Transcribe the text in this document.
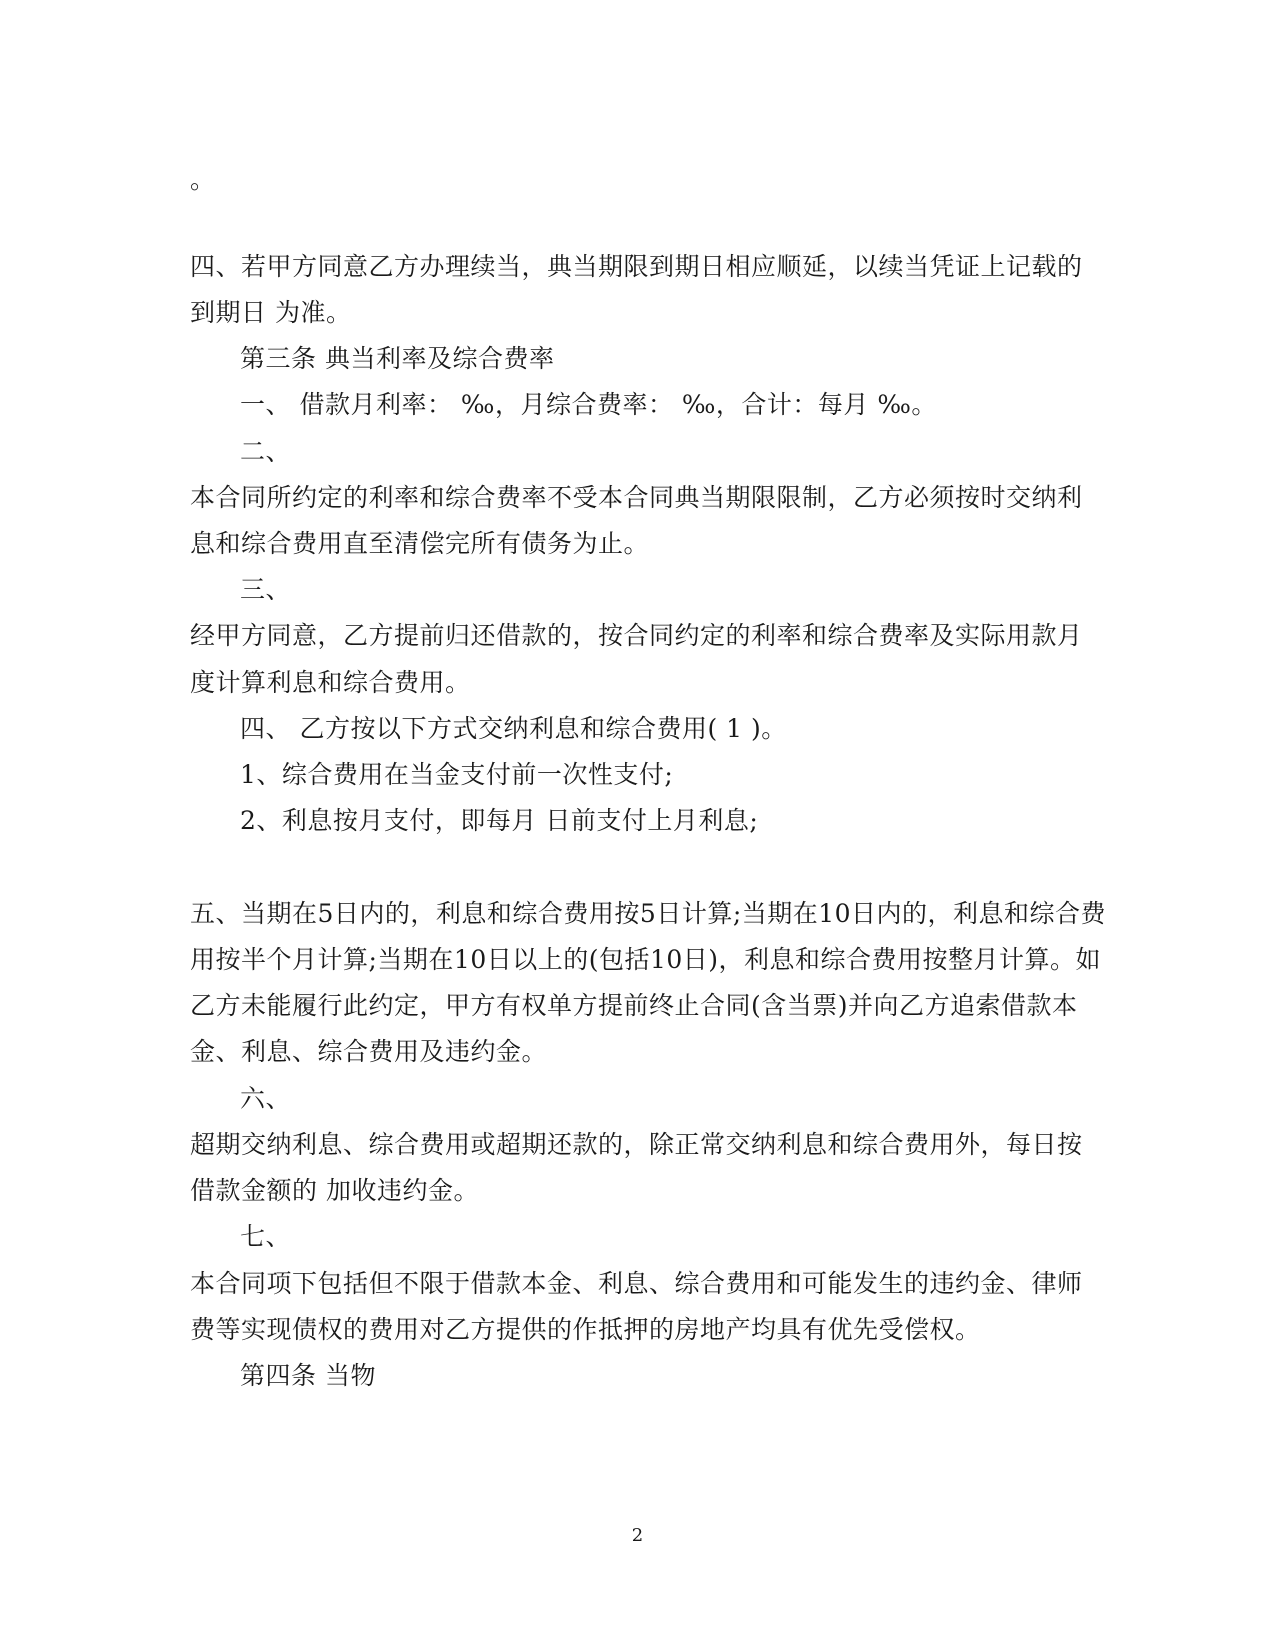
。
四、若甲方同意乙方办理续当，典当期限到期日相应顺延，以续当凭证上记载的
到期日 为准。
第三条 典当利率及综合费率
一、 借款月利率： ‰，月综合费率： ‰，合计：每月 ‰。
二、
本合同所约定的利率和综合费率不受本合同典当期限限制，乙方必须按时交纳利
息和综合费用直至清偿完所有债务为止。
三、
经甲方同意，乙方提前归还借款的，按合同约定的利率和综合费率及实际用款月
度计算利息和综合费用。
四、 乙方按以下方式交纳利息和综合费用( 1 )。
1、综合费用在当金支付前一次性支付;
2、利息按月支付，即每月 日前支付上月利息;
五、当期在5日内的，利息和综合费用按5日计算;当期在10日内的，利息和综合费
用按半个月计算;当期在10日以上的(包括10日)，利息和综合费用按整月计算。如
乙方未能履行此约定，甲方有权单方提前终止合同(含当票)并向乙方追索借款本
金、利息、综合费用及违约金。
六、
超期交纳利息、综合费用或超期还款的，除正常交纳利息和综合费用外，每日按
借款金额的 加收违约金。
七、
本合同项下包括但不限于借款本金、利息、综合费用和可能发生的违约金、律师
费等实现债权的费用对乙方提供的作抵押的房地产均具有优先受偿权。
第四条 当物
2
